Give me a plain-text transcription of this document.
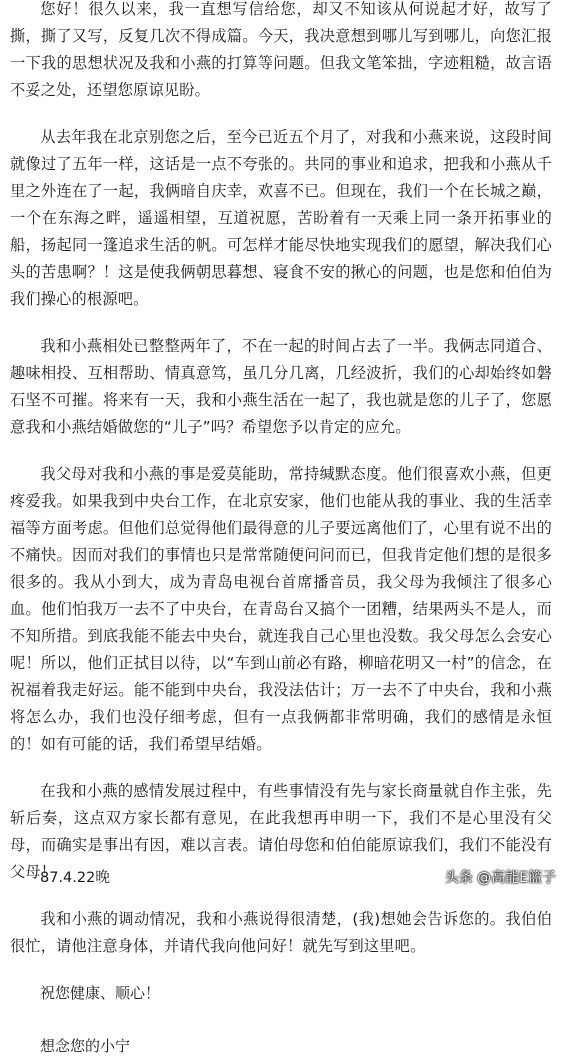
您好！很久以来，我一直想写信给您，却又不知该从何说起才好，故写了撕，撕了又写，反复几次不得成篇。今天，我决意想到哪儿写到哪儿，向您汇报一下我的思想状况及我和小燕的打算等问题。但我文笔笨拙，字迹粗糙，故言语不妥之处，还望您原谅见盼。

从去年我在北京别您之后，至今已近五个月了，对我和小燕来说，这段时间就像过了五年一样，这话是一点不夸张的。共同的事业和追求，把我和小燕从千里之外连在了一起，我俩暗自庆幸，欢喜不已。但现在，我们一个在长城之巅，一个在东海之畔，遥遥相望，互道祝愿，苦盼着有一天乘上同一条开拓事业的船，扬起同一篷追求生活的帆。可怎样才能尽快地实现我们的愿望，解决我们心头的苦患啊？！这是使我俩朝思暮想、寝食不安的揪心的问题，也是您和伯伯为我们操心的根源吧。

我和小燕相处已整整两年了，不在一起的时间占去了一半。我俩志同道合、趣味相投、互相帮助、情真意笃，虽几分几离，几经波折，我们的心却始终如磐石坚不可摧。将来有一天，我和小燕生活在一起了，我也就是您的儿子了，您愿意我和小燕结婚做您的“儿子”吗？希望您予以肯定的应允。

我父母对我和小燕的事是爱莫能助，常持缄默态度。他们很喜欢小燕，但更疼爱我。如果我到中央台工作，在北京安家，他们也能从我的事业、我的生活幸福等方面考虑。但他们总觉得他们最得意的儿子要远离他们了，心里有说不出的不痛快。因而对我们的事情也只是常常随便问问而已，但我肯定他们想的是很多很多的。我从小到大，成为青岛电视台首席播音员，我父母为我倾注了很多心血。他们怕我万一去不了中央台，在青岛台又搞个一团糟，结果两头不是人，而不知所措。到底我能不能去中央台，就连我自己心里也没数。我父母怎么会安心呢！所以，他们正拭目以待，以“车到山前必有路，柳暗花明又一村”的信念，在祝福着我走好运。能不能到中央台，我没法估计；万一去不了中央台，我和小燕将怎么办，我们也没仔细考虑，但有一点我俩都非常明确，我们的感情是永恒的！如有可能的话，我们希望早结婚。

在我和小燕的感情发展过程中，有些事情没有先与家长商量就自作主张，先斩后奏，这点双方家长都有意见，在此我想再申明一下，我们不是心里没有父母，而确实是事出有因，难以言表。请伯母您和伯伯能原谅我们，我们不能没有父母！

我和小燕的调动情况，我和小燕说得很清楚，(我)想她会告诉您的。我伯伯很忙，请他注意身体，并请代我向他问好！就先写到这里吧。

祝您健康、顺心！

想念您的小宁

87.4.22晚	头条 @高能E篮子
